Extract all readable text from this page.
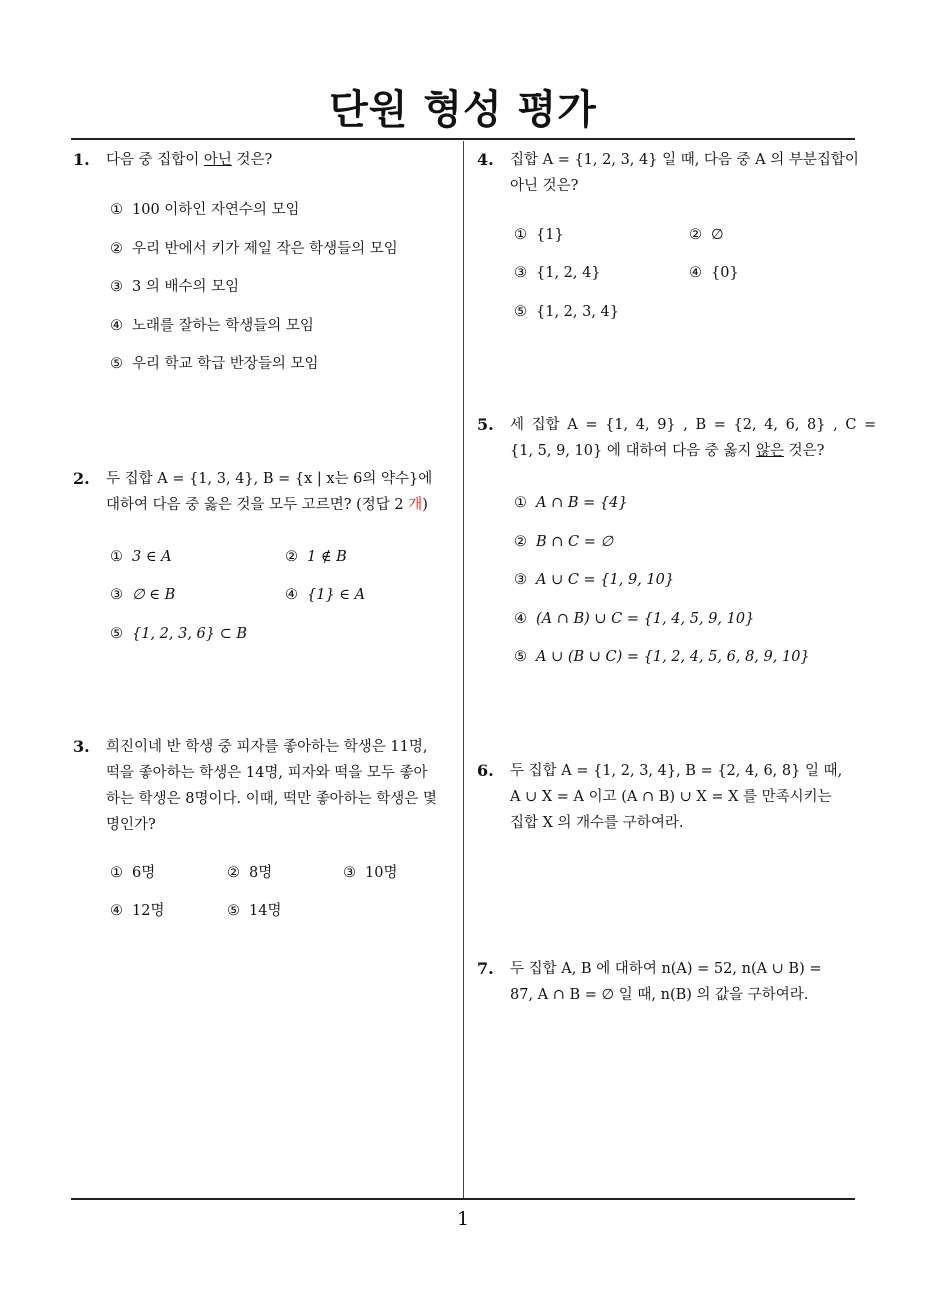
단원 형성 평가
1
1. 다음 중 집합이 아닌 것은?
① 100 이하인 자연수의 모임
② 우리 반에서 키가 제일 작은 학생들의 모임
③ 3 의 배수의 모임
④ 노래를 잘하는 학생들의 모임
⑤ 우리 학교 학급 반장들의 모임
2. 두 집합 A = {1, 3, 4}, B = {x | x는 6의 약수}에
대하여 다음 중 옳은 것을 모두 고르면? (정답 2 개)
① 3 ∈ A	② 1 ∉ B
③ ∅ ∈ B	④ {1} ∈ A
⑤ {1, 2, 3, 6} ⊂ B
3. 희진이네 반 학생 중 피자를 좋아하는 학생은 11명,
떡을 좋아하는 학생은 14명, 피자와 떡을 모두 좋아
하는 학생은 8명이다. 이때, 떡만 좋아하는 학생은 몇
명인가?
① 6명	② 8명	③ 10명
④ 12명	⑤ 14명
4. 집합 A = {1, 2, 3, 4} 일 때, 다음 중 A 의 부분집합이
아닌 것은?
① {1}	② ∅
③ {1, 2, 4}	④ {0}
⑤ {1, 2, 3, 4}
5. 세 집합 A = {1, 4, 9} , B = {2, 4, 6, 8} , C =
{1, 5, 9, 10} 에 대하여 다음 중 옳지 않은 것은?
① A ∩ B = {4}
② B ∩ C = ∅
③ A ∪ C = {1, 9, 10}
④ (A ∩ B) ∪ C = {1, 4, 5, 9, 10}
⑤ A ∪ (B ∪ C) = {1, 2, 4, 5, 6, 8, 9, 10}
6. 두 집합 A = {1, 2, 3, 4}, B = {2, 4, 6, 8} 일 때,
A ∪ X = A 이고 (A ∩ B) ∪ X = X 를 만족시키는
집합 X 의 개수를 구하여라.
7. 두 집합 A, B 에 대하여 n(A) = 52, n(A ∪ B) =
87, A ∩ B = ∅ 일 때, n(B) 의 값을 구하여라.
